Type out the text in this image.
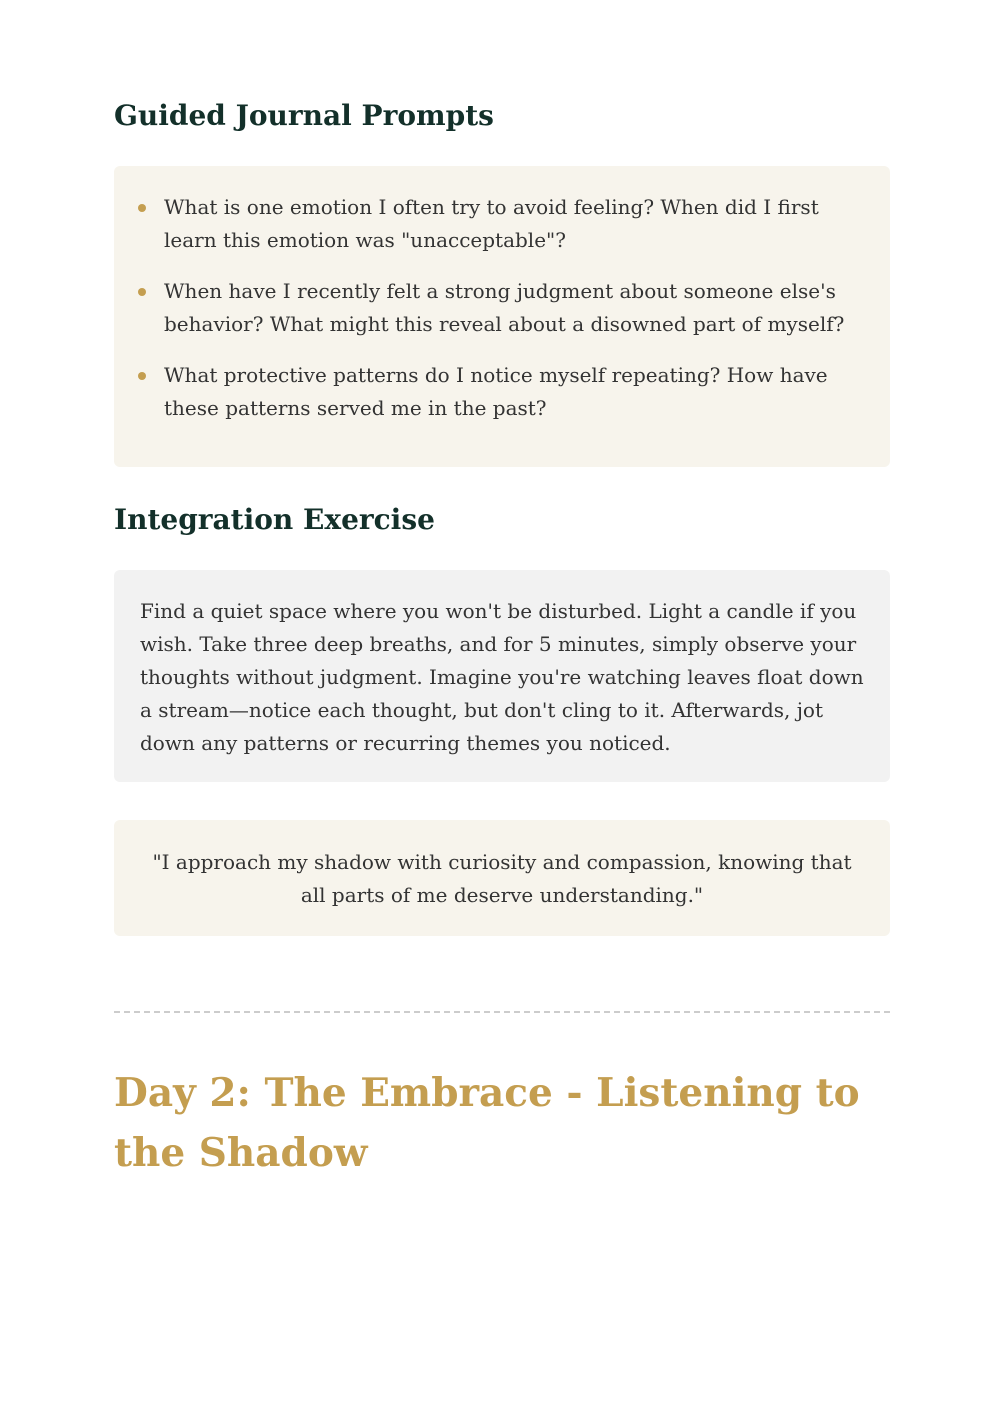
Guided Journal Prompts
What is one emotion I often try to avoid feeling? When did I first learn this emotion was "unacceptable"?
When have I recently felt a strong judgment about someone else's behavior? What might this reveal about a disowned part of myself?
What protective patterns do I notice myself repeating? How have these patterns served me in the past?
Integration Exercise
Find a quiet space where you won't be disturbed. Light a candle if you wish. Take three deep breaths, and for 5 minutes, simply observe your thoughts without judgment. Imagine you're watching leaves float down a stream—notice each thought, but don't cling to it. Afterwards, jot down any patterns or recurring themes you noticed.
"I approach my shadow with curiosity and compassion, knowing that all parts of me deserve understanding."
Day 2: The Embrace - Listening to the Shadow
